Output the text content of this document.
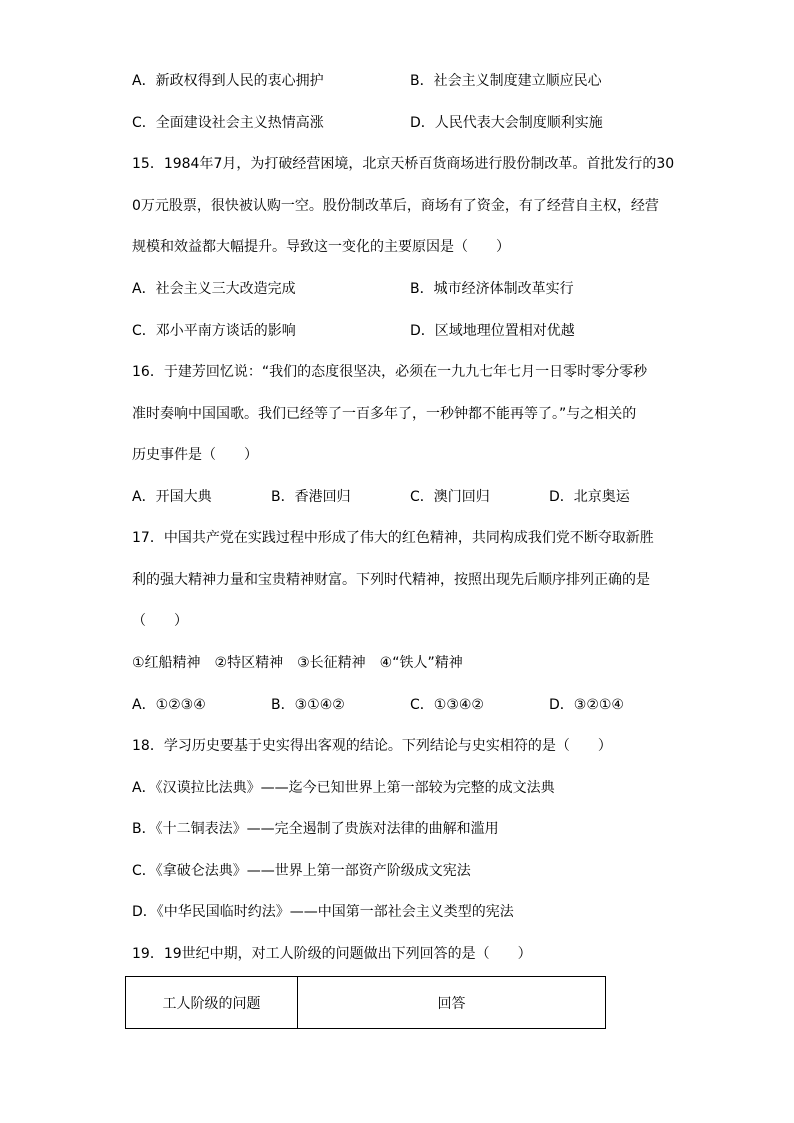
A．新政权得到人民的衷心拥护	B．社会主义制度建立顺应民心
C．全面建设社会主义热情高涨	D．人民代表大会制度顺利实施
15．1984年7月，为打破经营困境，北京天桥百货商场进行股份制改革。首批发行的30
0万元股票，很快被认购一空。股份制改革后，商场有了资金，有了经营自主权，经营
规模和效益都大幅提升。导致这一变化的主要原因是（　　）
A．社会主义三大改造完成	B．城市经济体制改革实行
C．邓小平南方谈话的影响	D．区域地理位置相对优越
16．于建芳回忆说：“我们的态度很坚决，必须在一九九七年七月一日零时零分零秒
准时奏响中国国歌。我们已经等了一百多年了，一秒钟都不能再等了。”与之相关的
历史事件是（　　）
A．开国大典	B．香港回归	C．澳门回归	D．北京奥运
17．中国共产党在实践过程中形成了伟大的红色精神，共同构成我们党不断夺取新胜
利的强大精神力量和宝贵精神财富。下列时代精神，按照出现先后顺序排列正确的是
（　　）
①红船精神　②特区精神　③长征精神　④“铁人”精神
A．①②③④	B．③①④②	C．①③④②	D．③②①④
18．学习历史要基于史实得出客观的结论。下列结论与史实相符的是（　　）
A．《汉谟拉比法典》——迄今已知世界上第一部较为完整的成文法典
B．《十二铜表法》——完全遏制了贵族对法律的曲解和滥用
C．《拿破仑法典》——世界上第一部资产阶级成文宪法
D．《中华民国临时约法》——中国第一部社会主义类型的宪法
19．19世纪中期，对工人阶级的问题做出下列回答的是（　　）
工人阶级的问题	回答
